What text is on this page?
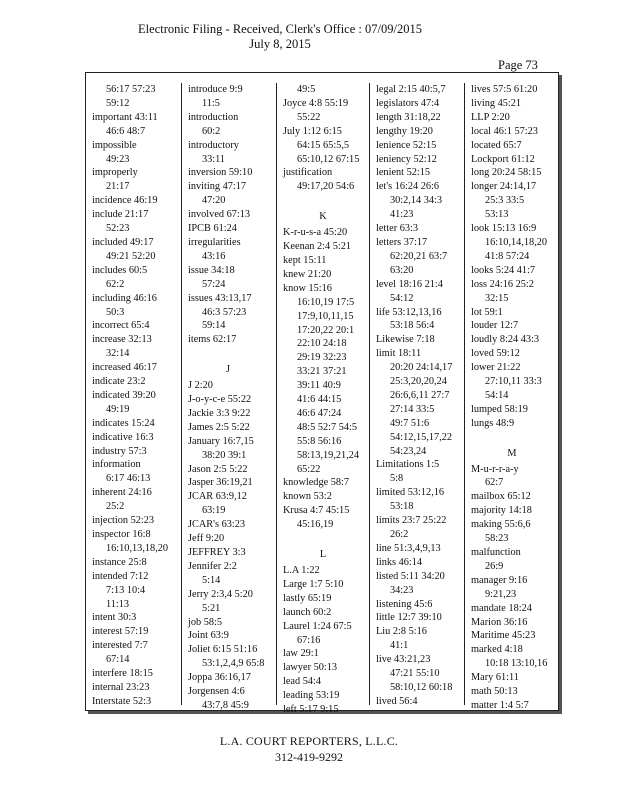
Electronic Filing - Received, Clerk's Office : 07/09/2015
July 8, 2015
Page 73
56:17 57:23
59:12
important 43:11
46:6 48:7
impossible
49:23
improperly
21:17
incidence 46:19
include 21:17
52:23
included 49:17
49:21 52:20
includes 60:5
62:2
including 46:16
50:3
incorrect 65:4
increase 32:13
32:14
increased 46:17
indicate 23:2
indicated 39:20
49:19
indicates 15:24
indicative 16:3
industry 57:3
information
6:17 46:13
inherent 24:16
25:2
injection 52:23
inspector 16:8
16:10,13,18,20
instance 25:8
intended 7:12
7:13 10:4
11:13
intent 30:3
interest 57:19
interested 7:7
67:14
interfere 18:15
internal 23:23
Interstate 52:3
introduce 9:9
11:5
introduction
60:2
introductory
33:11
inversion 59:10
inviting 47:17
47:20
involved 67:13
IPCB 61:24
irregularities
43:16
issue 34:18
57:24
issues 43:13,17
46:3 57:23
59:14
items 62:17
J
J 2:20
J-o-y-c-e 55:22
Jackie 3:3 9:22
James 2:5 5:22
January 16:7,15
38:20 39:1
Jason 2:5 5:22
Jasper 36:19,21
JCAR 63:9,12
63:19
JCAR's 63:23
Jeff 9:20
JEFFREY 3:3
Jennifer 2:2
5:14
Jerry 2:3,4 5:20
5:21
job 58:5
Joint 63:9
Joliet 6:15 51:16
53:1,2,4,9 65:8
Joppa 36:16,17
Jorgensen 4:6
43:7,8 45:9
49:5
Joyce 4:8 55:19
55:22
July 1:12 6:15
64:15 65:5,5
65:10,12 67:15
justification
49:17,20 54:6
K
K-r-u-s-a 45:20
Keenan 2:4 5:21
kept 15:11
knew 21:20
know 15:16
16:10,19 17:5
17:9,10,11,15
17:20,22 20:1
22:10 24:18
29:19 32:23
33:21 37:21
39:11 40:9
41:6 44:15
46:6 47:24
48:5 52:7 54:5
55:8 56:16
58:13,19,21,24
65:22
knowledge 58:7
known 53:2
Krusa 4:7 45:15
45:16,19
L
L.A 1:22
Large 1:7 5:10
lastly 65:19
launch 60:2
Laurel 1:24 67:5
67:16
law 29:1
lawyer 50:13
lead 54:4
leading 53:19
left 5:17 9:15
legal 2:15 40:5,7
legislators 47:4
length 31:18,22
lengthy 19:20
lenience 52:15
leniency 52:12
lenient 52:15
let's 16:24 26:6
30:2,14 34:3
41:23
letter 63:3
letters 37:17
62:20,21 63:7
63:20
level 18:16 21:4
54:12
life 53:12,13,16
53:18 56:4
Likewise 7:18
limit 18:11
20:20 24:14,17
25:3,20,20,24
26:6,6,11 27:7
27:14 33:5
49:7 51:6
54:12,15,17,22
54:23,24
Limitations 1:5
5:8
limited 53:12,16
53:18
limits 23:7 25:22
26:2
line 51:3,4,9,13
links 46:14
listed 5:11 34:20
34:23
listening 45:6
little 12:7 39:10
Liu 2:8 5:16
41:1
live 43:21,23
47:21 55:10
58:10,12 60:18
lived 56:4
lives 57:5 61:20
living 45:21
LLP 2:20
local 46:1 57:23
located 65:7
Lockport 61:12
long 20:24 58:15
longer 24:14,17
25:3 33:5
53:13
look 15:13 16:9
16:10,14,18,20
41:8 57:24
looks 5:24 41:7
loss 24:16 25:2
32:15
lot 59:1
louder 12:7
loudly 8:24 43:3
loved 59:12
lower 21:22
27:10,11 33:3
54:14
lumped 58:19
lungs 48:9
M
M-u-r-r-a-y
62:7
mailbox 65:12
majority 14:18
making 55:6,6
58:23
malfunction
26:9
manager 9:16
9:21,23
mandate 18:24
Marion 36:16
Maritime 45:23
marked 4:18
10:18 13:10,16
Mary 61:11
math 50:13
matter 1:4 5:7
L.A. COURT REPORTERS, L.L.C.
312-419-9292
